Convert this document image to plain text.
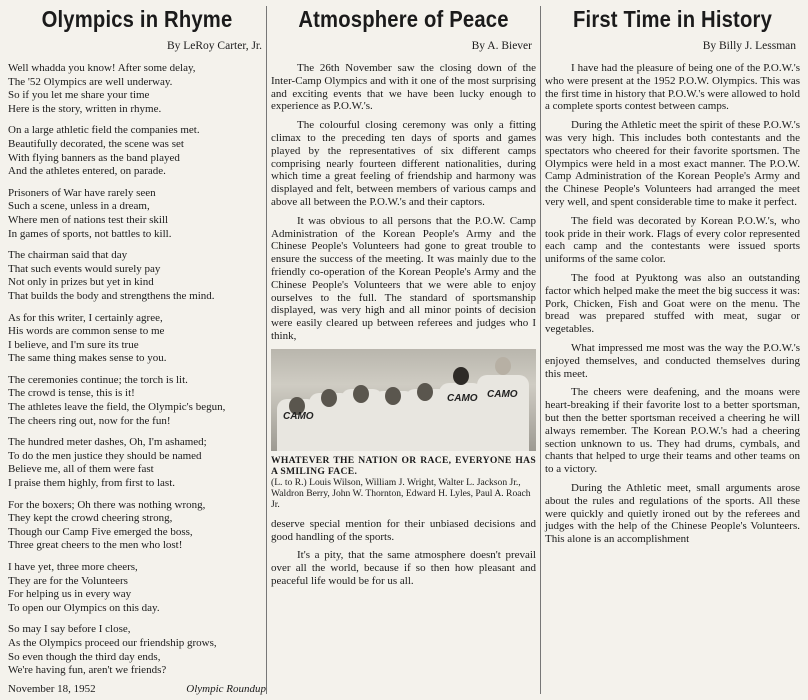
Olympics in Rhyme
By LeRoy Carter, Jr.
Well whadda you know! After some delay,
The '52 Olympics are well underway.
So if you let me share your time
Here is the story, written in rhyme.
On a large athletic field the companies met.
Beautifully decorated, the scene was set
With flying banners as the band played
And the athletes entered, on parade.
Prisoners of War have rarely seen
Such a scene, unless in a dream,
Where men of nations test their skill
In games of sports, not battles to kill.
The chairman said that day
That such events would surely pay
Not only in prizes but yet in kind
That builds the body and strengthens the mind.
As for this writer, I certainly agree,
His words are common sense to me
I believe, and I'm sure its true
The same thing makes sense to you.
The ceremonies continue; the torch is lit.
The crowd is tense, this is it!
The athletes leave the field, the Olympic's begun,
The cheers ring out, now for the fun!
The hundred meter dashes, Oh, I'm ashamed;
To do the men justice they should be named
Believe me, all of them were fast
I praise them highly, from first to last.
For the boxers; Oh there was nothing wrong,
They kept the crowd cheering strong,
Though our Camp Five emerged the boss,
Three great cheers to the men who lost!
I have yet, three more cheers,
They are for the Volunteers
For helping us in every way
To open our Olympics on this day.
So may I say before I close,
As the Olympics proceed our friendship grows,
So even though the third day ends,
We're having fun, aren't we friends?
November 18, 1952	Olympic Roundup
Atmosphere of Peace
By A. Biever

The 26th November saw the closing down of the Inter-Camp Olympics and with it one of the most surprising and exciting events that we have been lucky enough to experience as P.O.W.'s.

The colourful closing ceremony was only a fitting climax to the preceding ten days of sports and games played by the representatives of six different camps comprising nearly fourteen different nationalities, during which time a great feeling of friendship and harmony was displayed and felt, between members of various camps and above all between the P.O.W.'s and their captors.

It was obvious to all persons that the P.O.W. Camp Administration of the Korean People's Army and the Chinese People's Volunteers had gone to great trouble to ensure the success of the meeting. It was mainly due to the friendly co-operation of the Korean People's Army and the Chinese People's Volunteers that we were able to enjoy ourselves to the full. The standard of sportsmanship displayed, was very high and all minor points of decision were easily cleared up between referees and judges who I think,

CAMO
CAMO CAMO
WHATEVER THE NATION OR RACE, EVERYONE HAS A SMILING FACE.
(L. to R.) Louis Wilson, William J. Wright, Walter L. Jackson Jr., Waldron Berry, John W. Thornton, Edward H. Lyles, Paul A. Roach Jr.

deserve special mention for their unbiased decisions and good handling of the sports.

It's a pity, that the same atmosphere doesn't prevail over all the world, because if so then how pleasant and peaceful life would be for us all.

First Time in History
By Billy J. Lessman

I have had the pleasure of being one of the P.O.W.'s who were present at the 1952 P.O.W. Olympics. This was the first time in history that P.O.W.'s were allowed to hold a complete sports contest between camps.

During the Athletic meet the spirit of these P.O.W.'s was very high. This includes both contestants and the spectators who cheered for their favorite sportsmen. The Olympics were held in a most exact manner. The P.O.W. Camp Administration of the Korean People's Army and the Chinese People's Volunteers had arranged the meet very well, and spent considerable time to make it perfect.

The field was decorated by Korean P.O.W.'s, who took pride in their work. Flags of every color represented each camp and the contestants were issued sports uniforms of the same color.

The food at Pyuktong was also an outstanding factor which helped make the meet the big success it was: Pork, Chicken, Fish and Goat were on the menu. The bread was prepared stuffed with meat, sugar or vegetables.

What impressed me most was the way the P.O.W.'s enjoyed themselves, and conducted themselves during this meet.

The cheers were deafening, and the moans were heart-breaking if their favorite lost to a better sportsman, but then the better sportsman received a cheering he will always remember. The Korean P.O.W.'s had a cheering section unknown to us. They had drums, cymbals, and chants that helped to urge their teams and other teams on to a victory.

During the Athletic meet, small arguments arose about the rules and regulations of the sports. All these were quickly and quietly ironed out by the referees and judges with the help of the Chinese People's Volunteers. This alone is an accomplishment
